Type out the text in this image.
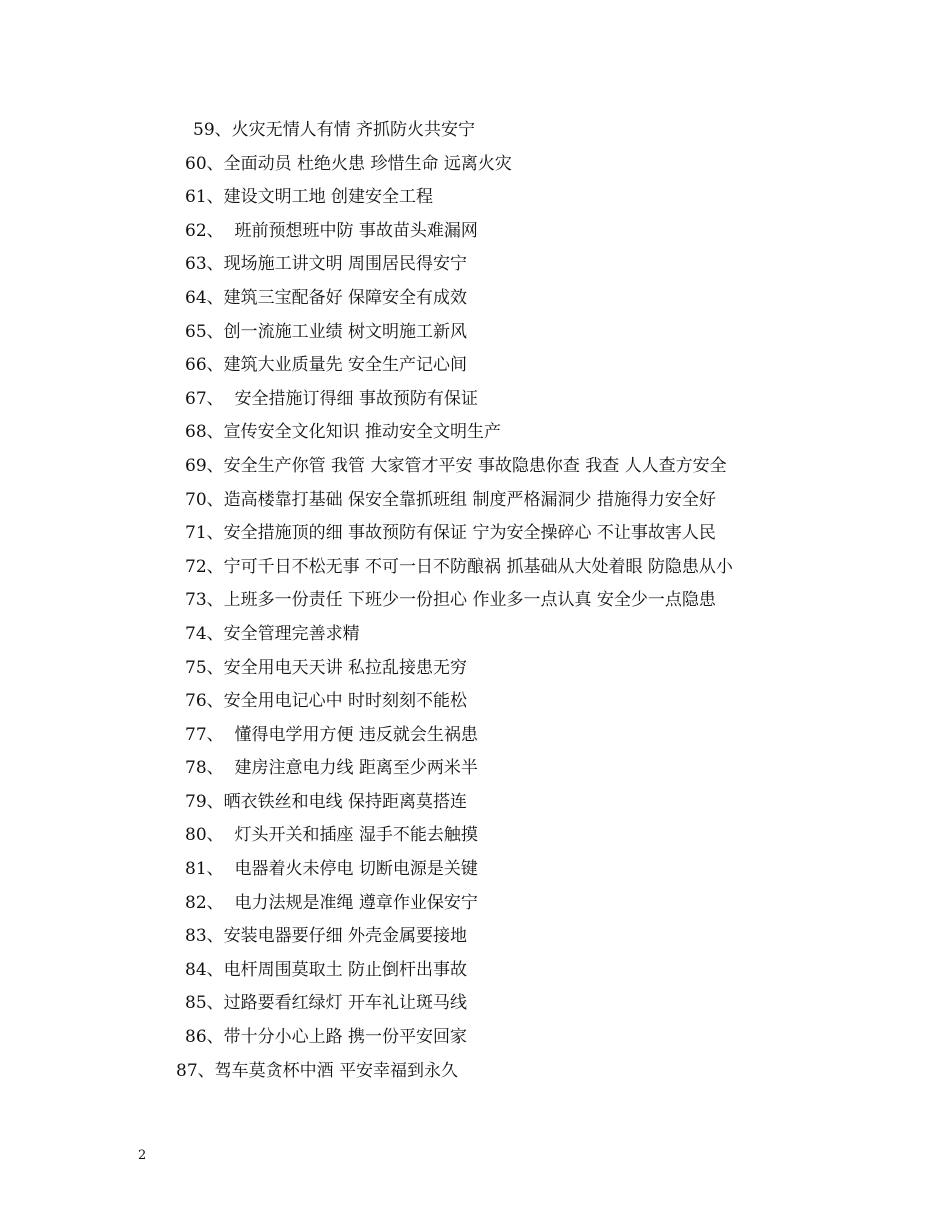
59、火灾无情人有情 齐抓防火共安宁
60、全面动员 杜绝火患 珍惜生命 远离火灾
61、建设文明工地 创建安全工程
62、  班前预想班中防 事故苗头难漏网
63、现场施工讲文明 周围居民得安宁
64、建筑三宝配备好 保障安全有成效
65、创一流施工业绩 树文明施工新风
66、建筑大业质量先 安全生产记心间
67、  安全措施订得细 事故预防有保证
68、宣传安全文化知识 推动安全文明生产
69、安全生产你管 我管 大家管才平安 事故隐患你查 我查 人人查方安全
70、造高楼靠打基础 保安全靠抓班组 制度严格漏洞少 措施得力安全好
71、安全措施顶的细 事故预防有保证 宁为安全操碎心 不让事故害人民
72、宁可千日不松无事 不可一日不防酿祸 抓基础从大处着眼 防隐患从小
73、上班多一份责任 下班少一份担心 作业多一点认真 安全少一点隐患
74、安全管理完善求精
75、安全用电天天讲 私拉乱接患无穷
76、安全用电记心中 时时刻刻不能松
77、  懂得电学用方便 违反就会生祸患
78、  建房注意电力线 距离至少两米半
79、晒衣铁丝和电线 保持距离莫搭连
80、  灯头开关和插座 湿手不能去触摸
81、  电器着火未停电 切断电源是关键
82、  电力法规是准绳 遵章作业保安宁
83、安装电器要仔细 外壳金属要接地
84、电杆周围莫取土 防止倒杆出事故
85、过路要看红绿灯 开车礼让斑马线
86、带十分小心上路 携一份平安回家
87、驾车莫贪杯中酒 平安幸福到永久
2
